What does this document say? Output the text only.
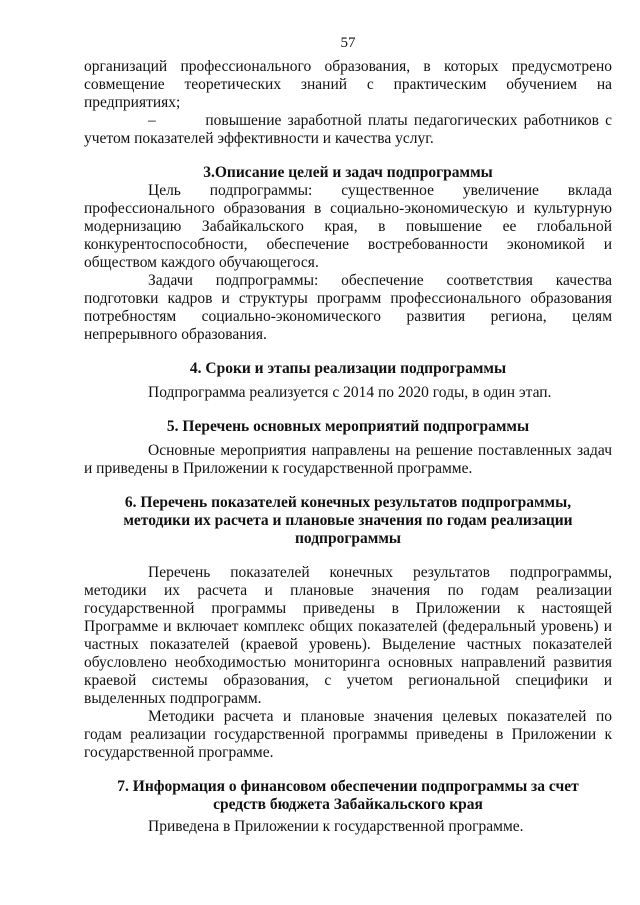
57

организаций профессионального образования, в которых предусмотрено совмещение теоретических знаний с практическим обучением на предприятиях;

–        повышение заработной платы педагогических работников с учетом показателей эффективности и качества услуг.

3.Описание целей и задач подпрограммы

Цель подпрограммы: существенное увеличение вклада профессионального образования в социально-экономическую и культурную модернизацию Забайкальского края, в повышение ее глобальной конкурентоспособности, обеспечение востребованности экономикой и обществом каждого обучающегося.

Задачи подпрограммы: обеспечение соответствия качества подготовки кадров и структуры программ профессионального образования потребностям социально-экономического развития региона, целям непрерывного образования.

4. Сроки и этапы реализации подпрограммы

Подпрограмма реализуется с 2014 по 2020 годы, в один этап.

5. Перечень основных мероприятий подпрограммы

Основные мероприятия направлены на решение поставленных задач и приведены в Приложении к государственной программе.

6. Перечень показателей конечных результатов подпрограммы,
методики их расчета и плановые значения по годам реализации
подпрограммы

Перечень показателей конечных результатов подпрограммы, методики их расчета и плановые значения по годам реализации государственной программы приведены в Приложении к настоящей Программе и включает комплекс общих показателей (федеральный уровень) и частных показателей (краевой уровень). Выделение частных показателей обусловлено необходимостью мониторинга основных направлений развития краевой системы образования, с учетом региональной специфики и выделенных подпрограмм.

Методики расчета и плановые значения целевых показателей по годам реализации государственной программы приведены в Приложении к государственной программе.

7. Информация о финансовом обеспечении подпрограммы за счет
средств бюджета Забайкальского края

Приведена в Приложении к государственной программе.
